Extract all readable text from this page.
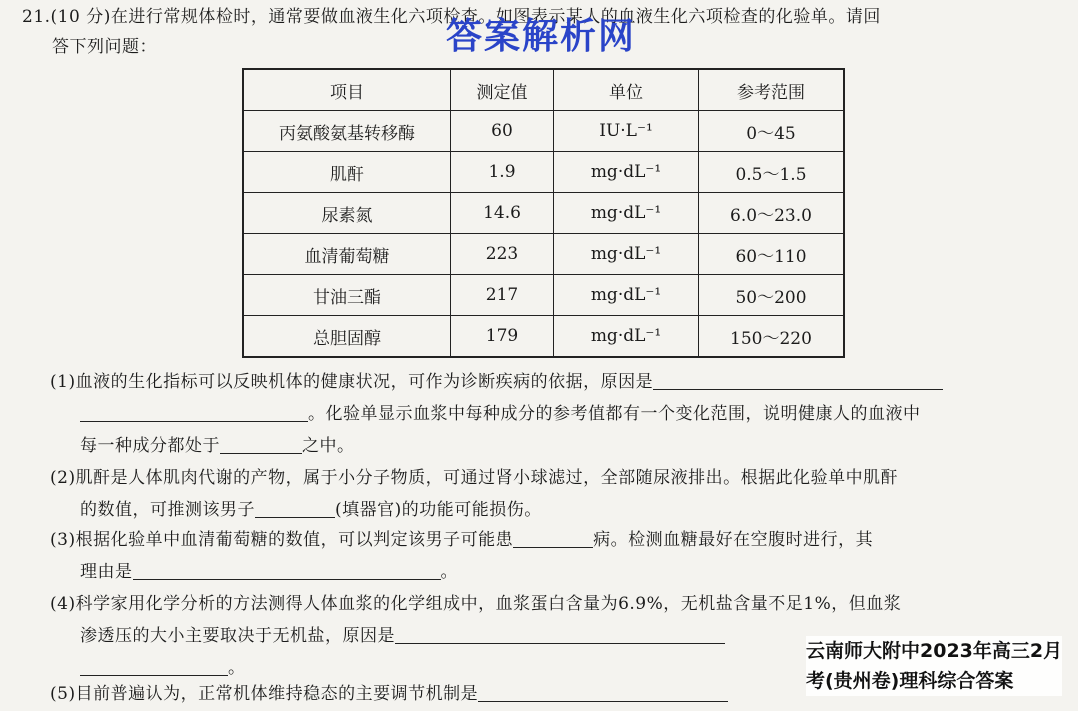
21.(10 分)在进行常规体检时，通常要做血液生化六项检查。如图表示某人的血液生化六项检查的化验单。请回
答下列问题：	答案解析网
项目	测定值	单位	参考范围
丙氨酸氨基转移酶	60	IU·L⁻¹	0～45
肌酐	1.9	mg·dL⁻¹	0.5～1.5
尿素氮	14.6	mg·dL⁻¹	6.0～23.0
血清葡萄糖	223	mg·dL⁻¹	60～110
甘油三酯	217	mg·dL⁻¹	50～200
总胆固醇	179	mg·dL⁻¹	150～220
(1)血液的生化指标可以反映机体的健康状况，可作为诊断疾病的依据，原因是
。化验单显示血浆中每种成分的参考值都有一个变化范围，说明健康人的血液中
每一种成分都处于	之中。
(2)肌酐是人体肌肉代谢的产物，属于小分子物质，可通过肾小球滤过，全部随尿液排出。根据此化验单中肌酐
的数值，可推测该男子	(填器官)的功能可能损伤。
(3)根据化验单中血清葡萄糖的数值，可以判定该男子可能患	病。检测血糖最好在空腹时进行，其
理由是	。
(4)科学家用化学分析的方法测得人体血浆的化学组成中，血浆蛋白含量为6.9%，无机盐含量不足1%，但血浆
渗透压的大小主要取决于无机盐，原因是
。
(5)目前普遍认为，正常机体维持稳态的主要调节机制是
云南师大附中2023年高三2月
考(贵州卷)理科综合答案
